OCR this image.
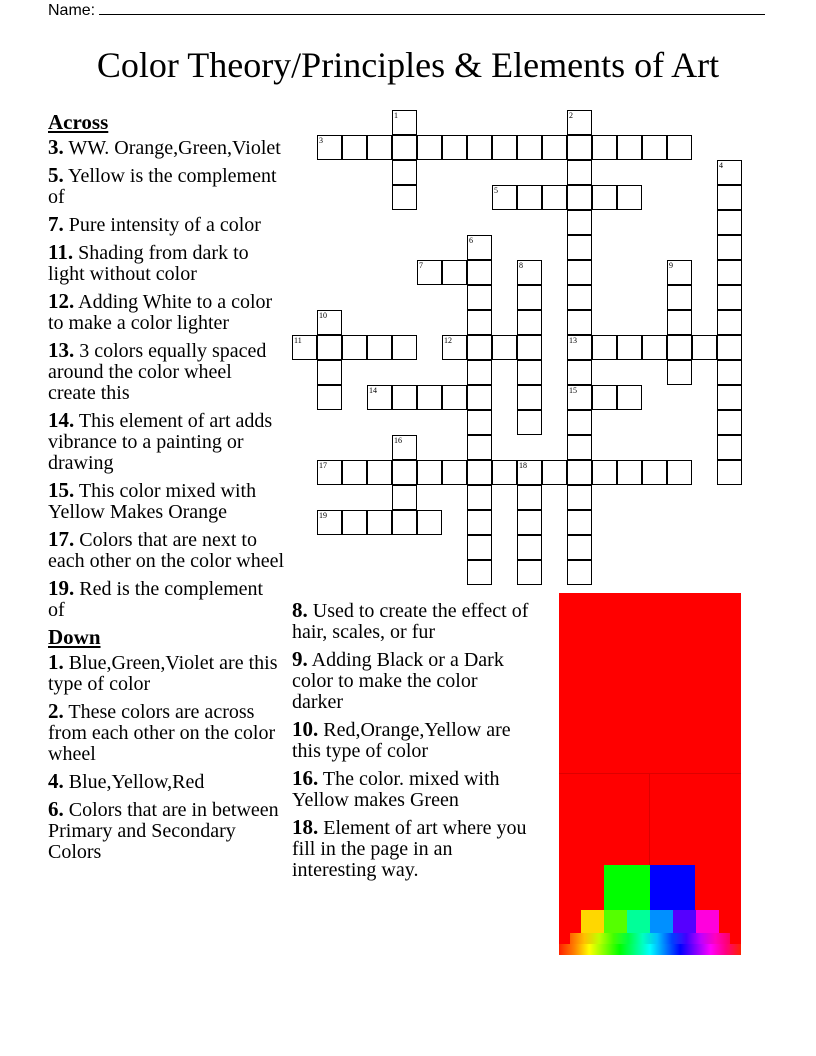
Name:
Color Theory/Principles & Elements of Art
Across
3. WW. Orange,Green,Violet
5. Yellow is the complement of
7. Pure intensity of a color
11. Shading from dark to light without color
12. Adding White to a color to make a color lighter
13. 3 colors equally spaced around the color wheel create this
14. This element of art adds vibrance to a painting or drawing
15. This color mixed with Yellow Makes Orange
17. Colors that are next to each other on the color wheel
19. Red is the complement of
Down
1. Blue,Green,Violet are this type of color
2. These colors are across from each other on the color wheel
4. Blue,Yellow,Red
6. Colors that are in between Primary and Secondary Colors
8. Used to create the effect of hair, scales, or fur
9. Adding Black or a Dark color to make the color darker
10. Red,Orange,Yellow are this type of color
16. The color. mixed with Yellow makes Green
18. Element of art where you fill in the page in an interesting way.
1	2
13
15
3
4
5
6
7	8	9
10
11	12
14
16
17	18
19
